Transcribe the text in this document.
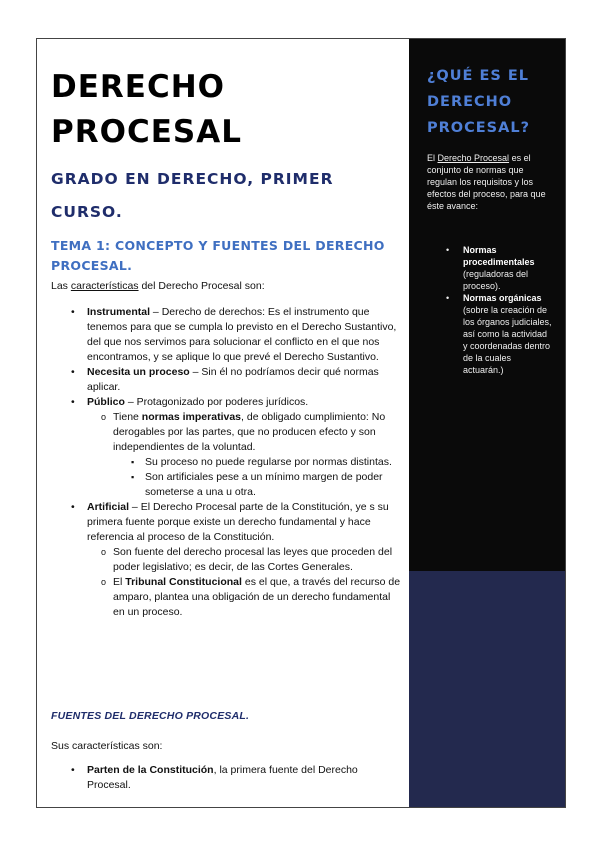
DERECHO
PROCESAL
GRADO EN DERECHO, PRIMER CURSO.
TEMA 1: CONCEPTO Y FUENTES DEL DERECHO PROCESAL.
Las características del Derecho Procesal son:
• Instrumental – Derecho de derechos: Es el instrumento que tenemos para que se cumpla lo previsto en el Derecho Sustantivo, del que nos servimos para solucionar el conflicto en el que nos encontramos, y se aplique lo que prevé el Derecho Sustantivo.
• Necesita un proceso – Sin él no podríamos decir qué normas aplicar.
• Público – Protagonizado por poderes jurídicos.
o Tiene normas imperativas, de obligado cumplimiento: No derogables por las partes, que no producen efecto y son independientes de la voluntad.
▪ Su proceso no puede regularse por normas distintas.
▪ Son artificiales pese a un mínimo margen de poder someterse a una u otra.
• Artificial – El Derecho Procesal parte de la Constitución, ye s su primera fuente porque existe un derecho fundamental y hace referencia al proceso de la Constitución.
o Son fuente del derecho procesal las leyes que proceden del poder legislativo; es decir, de las Cortes Generales.
o El Tribunal Constitucional es el que, a través del recurso de amparo, plantea una obligación de un derecho fundamental en un proceso.
FUENTES DEL DERECHO PROCESAL.
Sus características son:
• Parten de la Constitución, la primera fuente del Derecho Procesal.
¿QUÉ ES EL DERECHO PROCESAL?
El Derecho Procesal es el conjunto de normas que regulan los requisitos y los efectos del proceso, para que éste avance:
• Normas procedimentales (reguladoras del proceso).
• Normas orgánicas (sobre la creación de los órganos judiciales, así como la actividad y coordenadas dentro de la cuales actuarán.)
